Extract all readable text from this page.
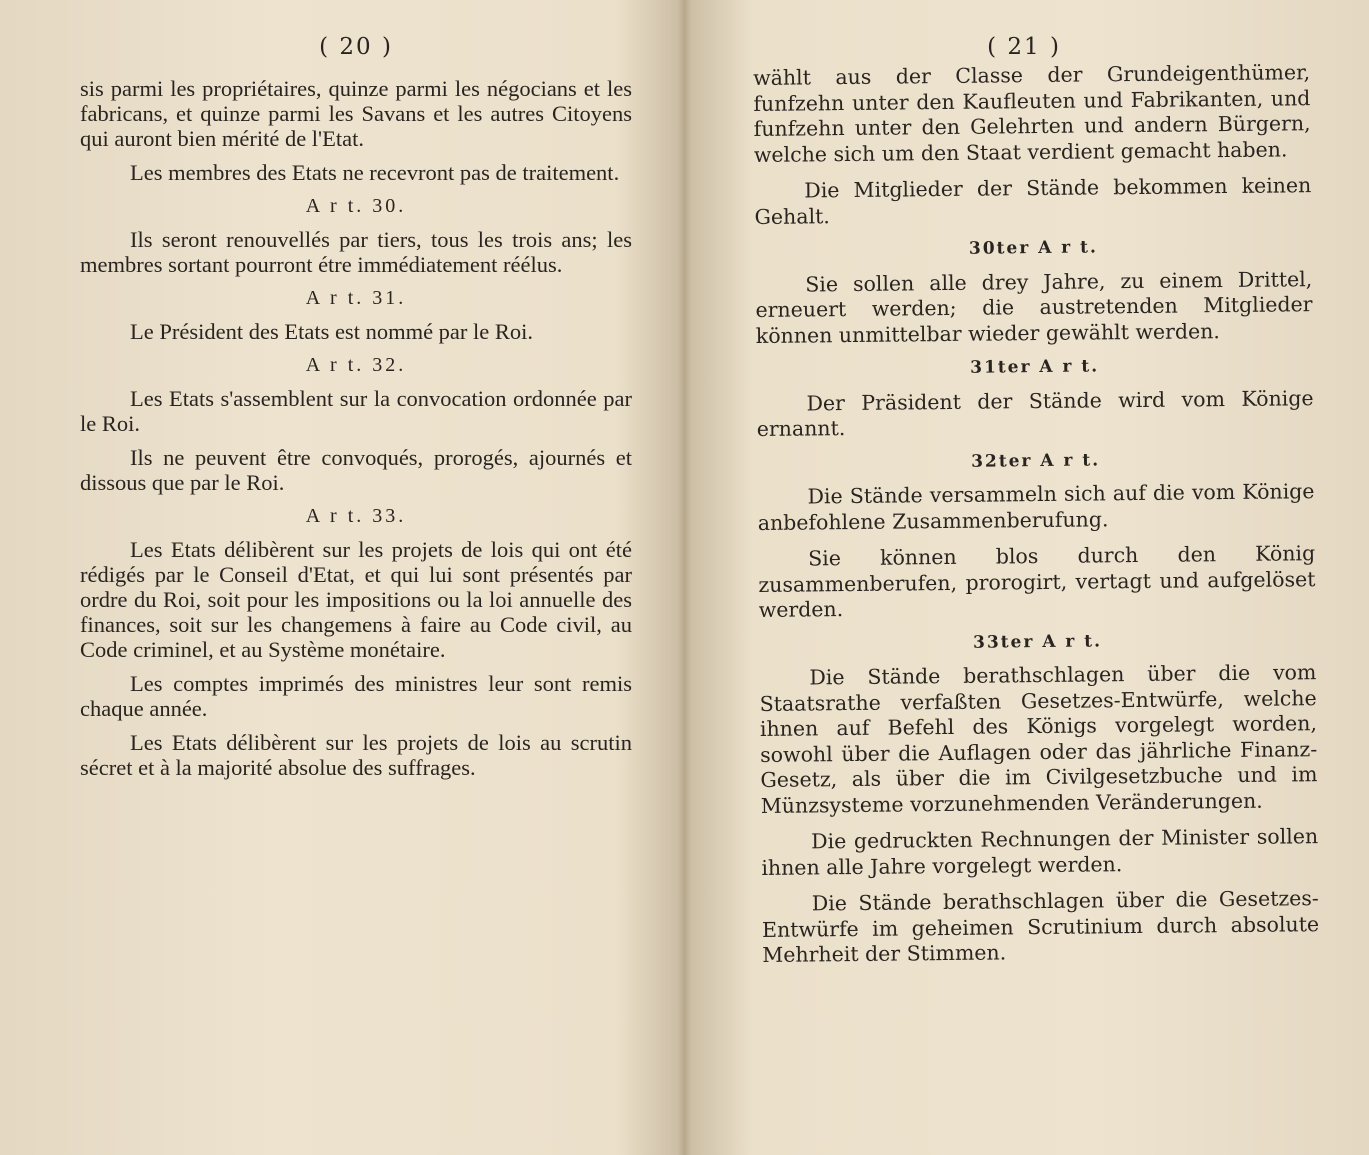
( 20 )

sis parmi les propriétaires, quinze parmi les négocians et les fabricans, et quinze parmi les Savans et les autres Citoyens qui auront bien mérité de l'Etat.

Les membres des Etats ne recevront pas de traitement.

A r t. 30.

Ils seront renouvellés par tiers, tous les trois ans; les membres sortant pourront étre immédiatement réélus.

A r t. 31.

Le Président des Etats est nommé par le Roi.

A r t. 32.

Les Etats s'assemblent sur la convocation ordonnée par le Roi.

Ils ne peuvent être convoqués, prorogés, ajournés et dissous que par le Roi.

A r t. 33.

Les Etats délibèrent sur les projets de lois qui ont été rédigés par le Conseil d'Etat, et qui lui sont présentés par ordre du Roi, soit pour les impositions ou la loi annuelle des finances, soit sur les changemens à faire au Code civil, au Code criminel, et au Système monétaire.

Les comptes imprimés des ministres leur sont remis chaque année.

Les Etats délibèrent sur les projets de lois au scrutin sécret et à la majorité absolue des suffrages.

( 21 )

wählt aus der Classe der Grundeigenthümer, funfzehn unter den Kaufleuten und Fabrikanten, und funfzehn unter den Gelehrten und andern Bürgern, welche sich um den Staat verdient gemacht haben.

Die Mitglieder der Stände bekommen keinen Gehalt.

30ter A r t.

Sie sollen alle drey Jahre, zu einem Drittel, erneuert werden; die austretenden Mitglieder können unmittelbar wieder gewählt werden.

31ter A r t.

Der Präsident der Stände wird vom Könige ernannt.

32ter A r t.

Die Stände versammeln sich auf die vom Könige anbefohlene Zusammenberufung.

Sie können blos durch den König zusammenberufen, prorogirt, vertagt und aufgelöset werden.

33ter A r t.

Die Stände berathschlagen über die vom Staatsrathe verfaßten Gesetzes-Entwürfe, welche ihnen auf Befehl des Königs vorgelegt worden, sowohl über die Auflagen oder das jährliche Finanz-Gesetz, als über die im Civilgesetzbuche und im Münzsysteme vorzunehmenden Veränderungen.

Die gedruckten Rechnungen der Minister sollen ihnen alle Jahre vorgelegt werden.

Die Stände berathschlagen über die Gesetzes-Entwürfe im geheimen Scrutinium durch absolute Mehrheit der Stimmen.
